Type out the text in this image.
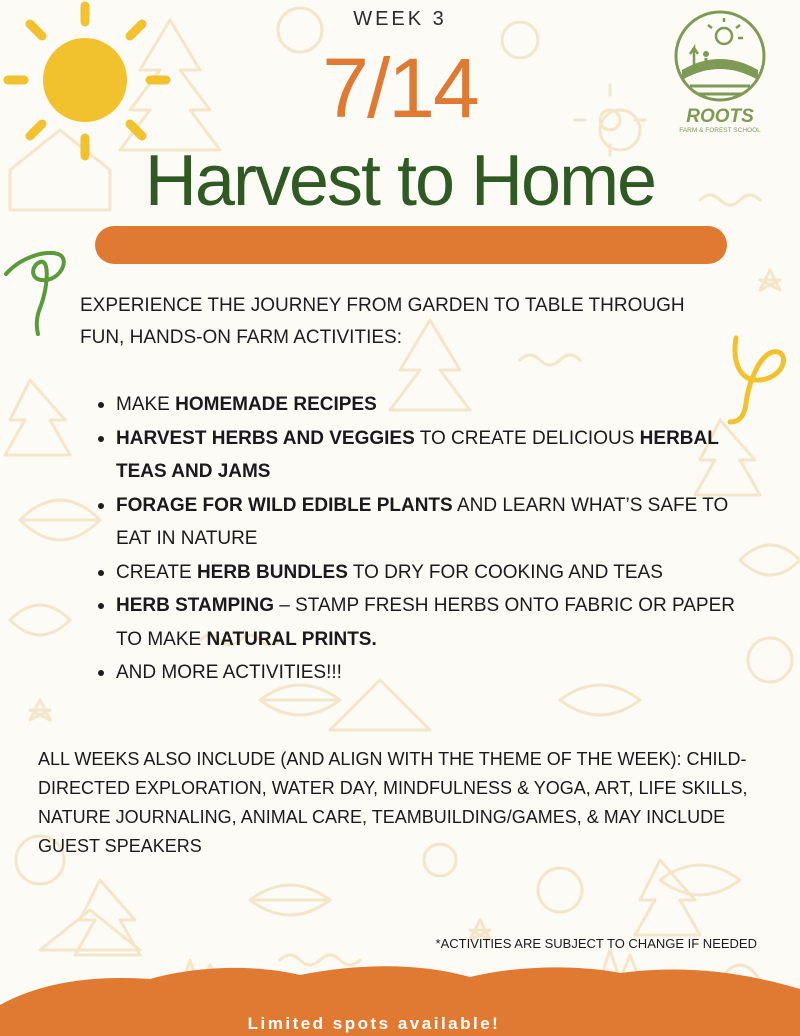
ROOTS
FARM & FOREST SCHOOL
WEEK 3
7/14
Harvest to Home
EXPERIENCE THE JOURNEY FROM GARDEN TO TABLE THROUGH FUN, HANDS-ON FARM ACTIVITIES:
MAKE HOMEMADE RECIPES
HARVEST HERBS AND VEGGIES TO CREATE DELICIOUS HERBAL TEAS AND JAMS
FORAGE FOR WILD EDIBLE PLANTS AND LEARN WHAT’S SAFE TO EAT IN NATURE
CREATE HERB BUNDLES TO DRY FOR COOKING AND TEAS
HERB STAMPING – STAMP FRESH HERBS ONTO FABRIC OR PAPER TO MAKE NATURAL PRINTS.
AND MORE ACTIVITIES!!!
ALL WEEKS ALSO INCLUDE (AND ALIGN WITH THE THEME OF THE WEEK): CHILD-DIRECTED EXPLORATION, WATER DAY, MINDFULNESS & YOGA, ART, LIFE SKILLS, NATURE JOURNALING, ANIMAL CARE, TEAMBUILDING/GAMES, & MAY INCLUDE GUEST SPEAKERS
*ACTIVITIES ARE SUBJECT TO CHANGE IF NEEDED
Limited spots available!
